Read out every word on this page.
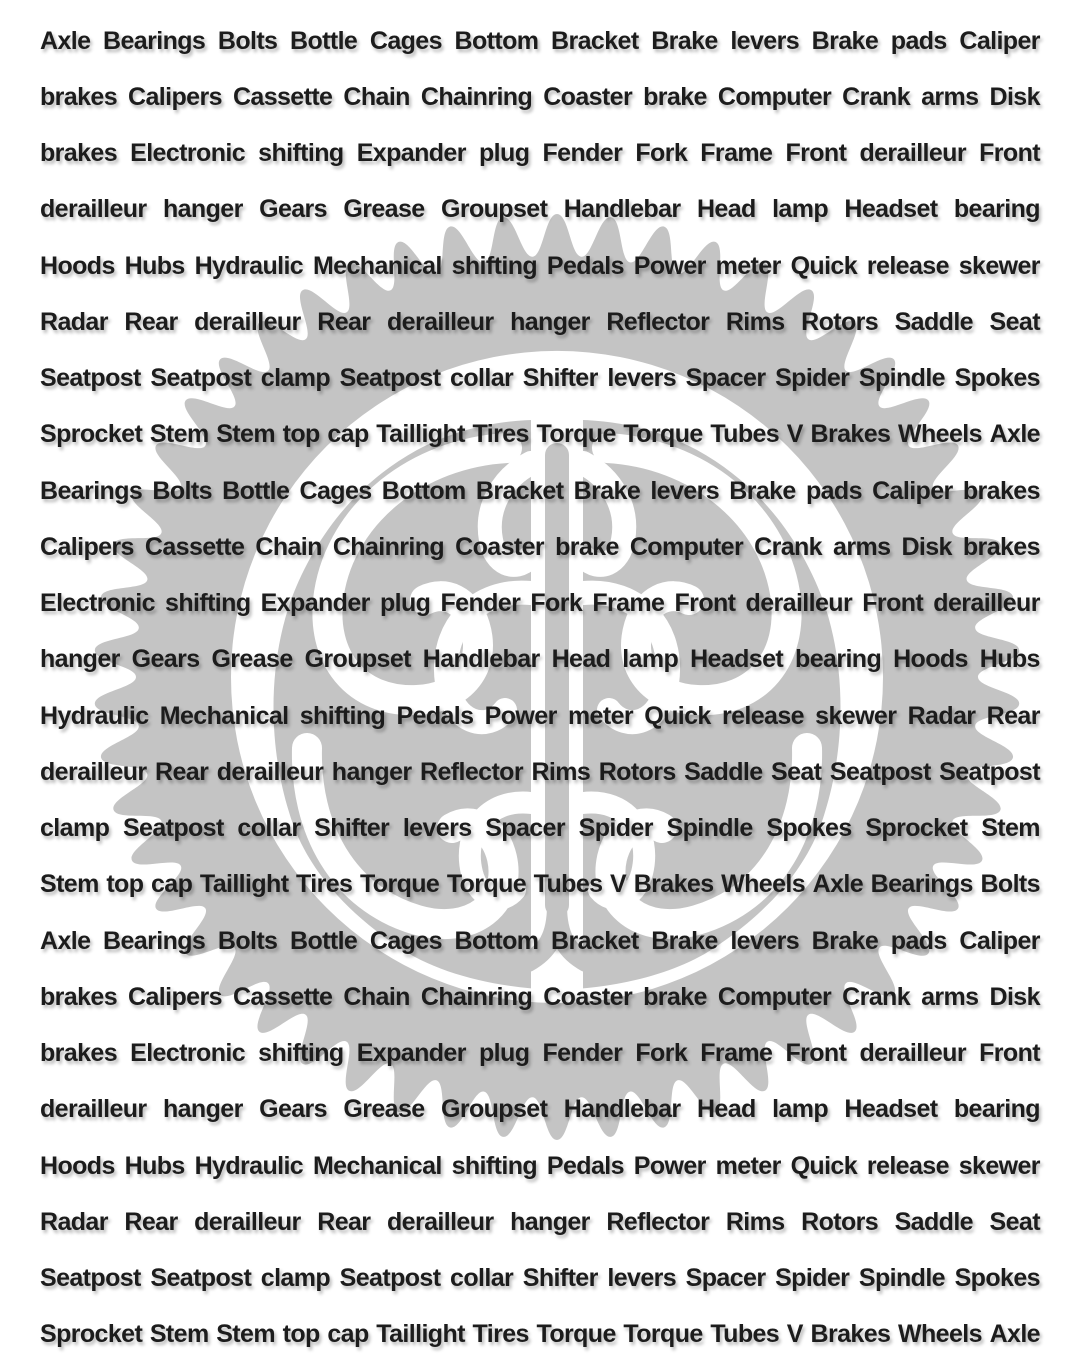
Axle Bearings Bolts Bottle Cages Bottom Bracket Brake levers Brake pads Caliper
brakes Calipers Cassette Chain Chainring Coaster brake Computer Crank arms Disk
brakes Electronic shifting Expander plug Fender Fork Frame Front derailleur Front
derailleur hanger Gears Grease Groupset Handlebar Head lamp Headset bearing
Hoods Hubs Hydraulic Mechanical shifting Pedals Power meter Quick release skewer
Radar Rear derailleur Rear derailleur hanger Reflector Rims Rotors Saddle Seat
Seatpost Seatpost clamp Seatpost collar Shifter levers Spacer Spider Spindle Spokes
Sprocket Stem Stem top cap Taillight Tires Torque Torque Tubes V Brakes Wheels Axle
Bearings Bolts Bottle Cages Bottom Bracket Brake levers Brake pads Caliper brakes
Calipers Cassette Chain Chainring Coaster brake Computer Crank arms Disk brakes
Electronic shifting Expander plug Fender Fork Frame Front derailleur Front derailleur
hanger Gears Grease Groupset Handlebar Head lamp Headset bearing Hoods Hubs
Hydraulic Mechanical shifting Pedals Power meter Quick release skewer Radar Rear
derailleur Rear derailleur hanger Reflector Rims Rotors Saddle Seat Seatpost Seatpost
clamp Seatpost collar Shifter levers Spacer Spider Spindle Spokes Sprocket Stem
Stem top cap Taillight Tires Torque Torque Tubes V Brakes Wheels Axle Bearings Bolts
Axle Bearings Bolts Bottle Cages Bottom Bracket Brake levers Brake pads Caliper
brakes Calipers Cassette Chain Chainring Coaster brake Computer Crank arms Disk
brakes Electronic shifting Expander plug Fender Fork Frame Front derailleur Front
derailleur hanger Gears Grease Groupset Handlebar Head lamp Headset bearing
Hoods Hubs Hydraulic Mechanical shifting Pedals Power meter Quick release skewer
Radar Rear derailleur Rear derailleur hanger Reflector Rims Rotors Saddle Seat
Seatpost Seatpost clamp Seatpost collar Shifter levers Spacer Spider Spindle Spokes
Sprocket Stem Stem top cap Taillight Tires Torque Torque Tubes V Brakes Wheels Axle
